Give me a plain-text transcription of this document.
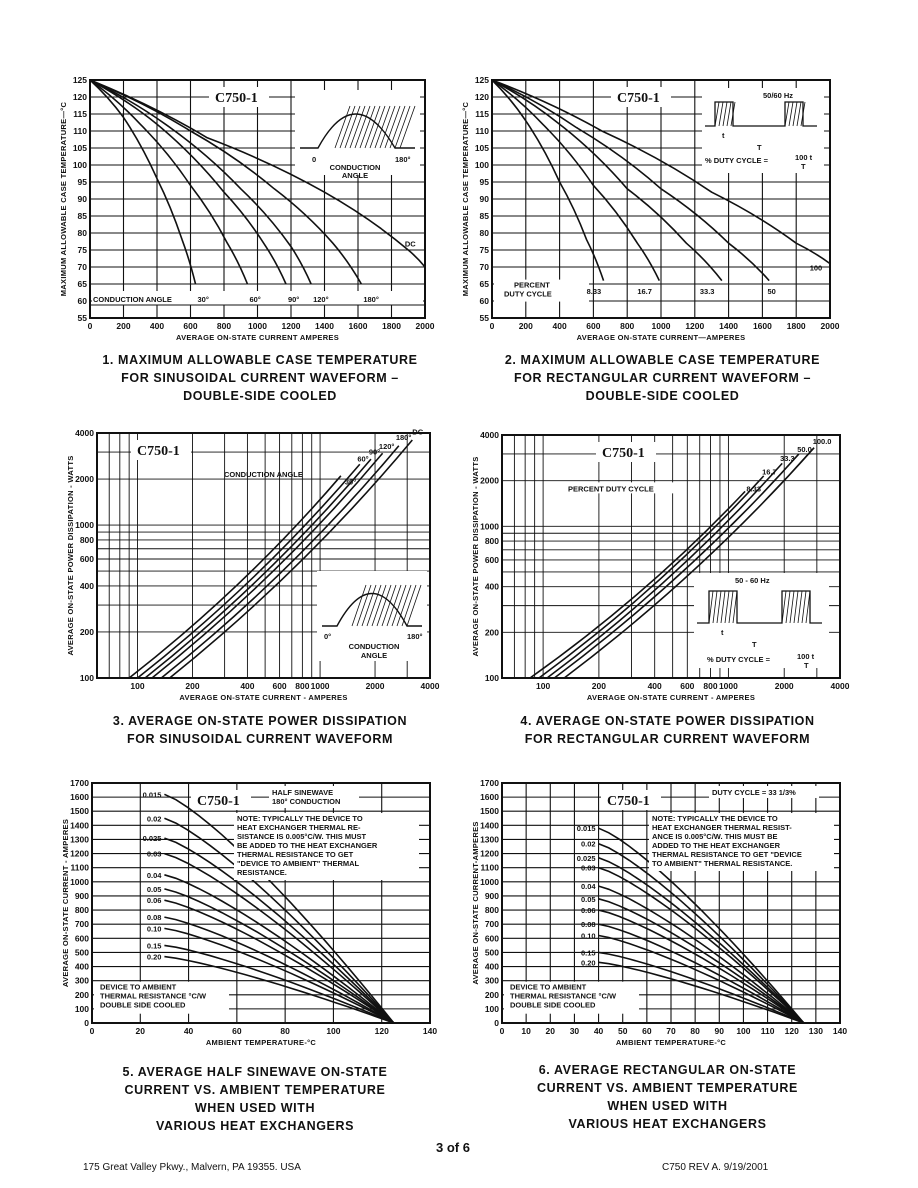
0	200 400 600 800 1000 1200 1400 1600 1800 2000
55
60
65
70
75
80
85
90
95
100
105
110
115
120
125
AVERAGE ON-STATE CURRENT AMPERES
MAXIMUM ALLOWABLE CASE TEMPERATURE—°C
C750-1
CONDUCTION ANGLE	30°	60°	90° 120°	180°
DC
0	180°
CONDUCTION
ANGLE
0	200 400 600 800 1000 1200 1400 1600 1800 2000
55
60
65
70
75
80
85
90
95
100
105
110
115
120
125
AVERAGE ON-STATE CURRENT—AMPERES
MAXIMUM ALLOWABLE CASE TEMPERATURE—°C
C750-1
PERCENT
DUTY CYCLE	8.33	16.7	33.3	50
100
50/60 Hz
t
T
% DUTY CYCLE =	100 t
T
100	200	400 600 800 1000	2000	4000
100
200
400
600
800
1000
2000
4000
AVERAGE ON-STATE CURRENT - AMPERES
AVERAGE ON-STATE POWER DISSIPATION - WATTS
C750-1
CONDUCTION ANGLE
30°
60°
90°
120°
180°
DC
0°	180°
CONDUCTION
ANGLE
100	200	400 600 800 1000	2000	4000
100
200
400
600
800
1000
2000
4000
AVERAGE ON-STATE CURRENT - AMPERES
AVERAGE ON-STATE POWER DISSIPATION - WATTS
C750-1
PERCENT DUTY CYCLE	8.33
16.7
33.3
50.0
100.0
50 - 60 Hz
t
T
% DUTY CYCLE =	100 t
T
0	20	40	60	80	100	120	140
0
100
200
300
400
500
600
700
800
900
1000
1100
1200
1300
1400
1500
1600
1700
AMBIENT TEMPERATURE-°C
AVERAGE ON-STATE CURRENT - AMPERES
C750-1
0.015
0.02
0.025
0.03
0.04
0.05
0.06
0.08
0.10
0.15
0.20
DEVICE TO AMBIENT
THERMAL RESISTANCE °C/W
DOUBLE SIDE COOLED
HALF SINEWAVE
180° CONDUCTION
NOTE: TYPICALLY THE DEVICE TO
HEAT EXCHANGER THERMAL RE-
SISTANCE IS 0.005°C/W. THIS MUST
BE ADDED TO THE HEAT EXCHANGER
THERMAL RESISTANCE TO GET
"DEVICE TO AMBIENT" THERMAL
RESISTANCE.
0 10 20 30 40 50 60 70 80 90 100 110 120 130 140
0
100
200
300
400
500
600
700
800
900
1000
1100
1200
1300
1400
1500
1600
1700
AMBIENT TEMPERATURE-°C
AVERAGE ON-STATE CURRENT-AMPERES
C750-1
0.015
0.02
0.025
0.03
0.04
0.05
0.06
0.08
0.10
0.15
0.20
DEVICE TO AMBIENT
THERMAL RESISTANCE °C/W
DOUBLE SIDE COOLED
DUTY CYCLE = 33 1/3%
NOTE: TYPICALLY THE DEVICE TO
HEAT EXCHANGER THERMAL RESIST-
ANCE IS 0.005°C/W. THIS MUST BE
ADDED TO THE HEAT EXCHANGER
THERMAL RESISTANCE TO GET "DEVICE
TO AMBIENT" THERMAL RESISTANCE.
1. MAXIMUM ALLOWABLE CASE TEMPERATURE
FOR SINUSOIDAL CURRENT WAVEFORM –
DOUBLE-SIDE COOLED
2. MAXIMUM ALLOWABLE CASE TEMPERATURE
FOR RECTANGULAR CURRENT WAVEFORM –
DOUBLE-SIDE COOLED
3. AVERAGE ON-STATE POWER DISSIPATION
FOR SINUSOIDAL CURRENT WAVEFORM
4. AVERAGE ON-STATE POWER DISSIPATION
FOR RECTANGULAR CURRENT WAVEFORM
5. AVERAGE HALF SINEWAVE ON-STATE
CURRENT VS. AMBIENT TEMPERATURE
WHEN USED WITH
VARIOUS HEAT EXCHANGERS
6. AVERAGE RECTANGULAR ON-STATE
CURRENT VS. AMBIENT TEMPERATURE
WHEN USED WITH
VARIOUS HEAT EXCHANGERS
3 of 6
175 Great Valley Pkwy., Malvern, PA 19355. USA	C750 REV A. 9/19/2001
